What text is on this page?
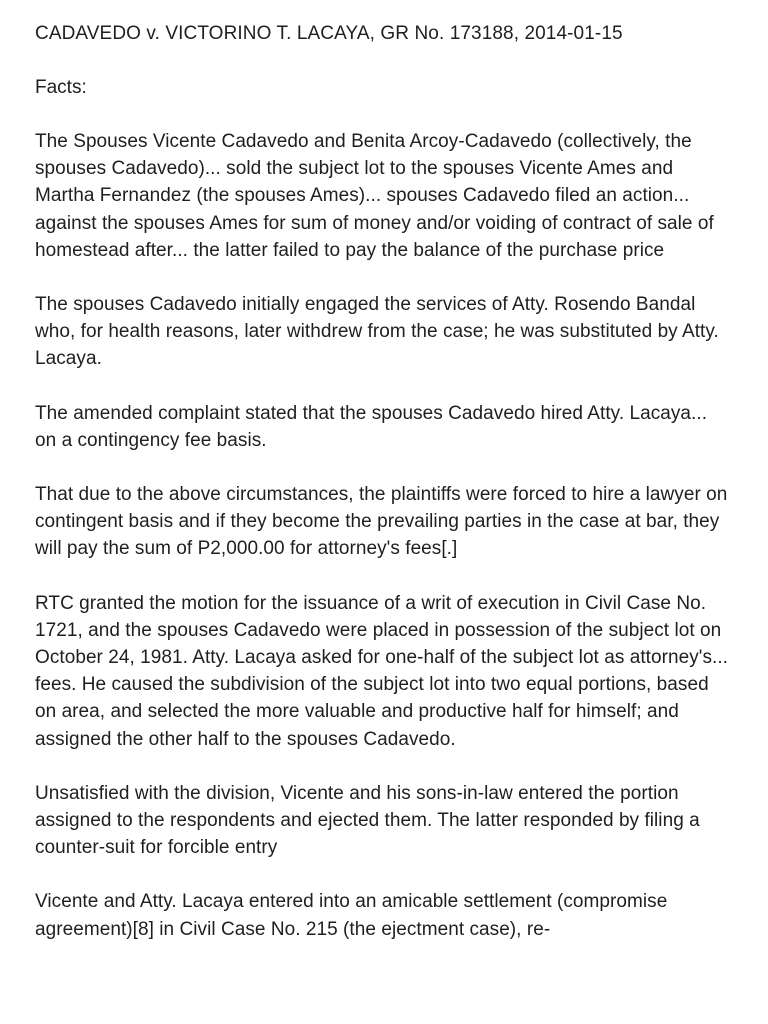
CADAVEDO v. VICTORINO T. LACAYA, GR No. 173188, 2014-01-15
Facts:

The Spouses Vicente Cadavedo and Benita Arcoy-Cadavedo (collectively, the spouses Cadavedo)... sold the subject lot to the spouses Vicente Ames and Martha Fernandez (the spouses Ames)... spouses Cadavedo filed an action... against the spouses Ames for sum of money and/or voiding of contract of sale of homestead after... the latter failed to pay the balance of the purchase price

The spouses Cadavedo initially engaged the services of Atty. Rosendo Bandal who, for health reasons, later withdrew from the case; he was substituted by Atty. Lacaya.

The amended complaint stated that the spouses Cadavedo hired Atty. Lacaya... on a contingency fee basis.

That due to the above circumstances, the plaintiffs were forced to hire a lawyer on contingent basis and if they become the prevailing parties in the case at bar, they will pay the sum of P2,000.00 for attorney's fees[.]

RTC granted the motion for the issuance of a writ of execution in Civil Case No. 1721, and the spouses Cadavedo were placed in possession of the subject lot on October 24, 1981. Atty. Lacaya asked for one-half of the subject lot as attorney's... fees. He caused the subdivision of the subject lot into two equal portions, based on area, and selected the more valuable and productive half for himself; and assigned the other half to the spouses Cadavedo.

Unsatisfied with the division, Vicente and his sons-in-law entered the portion assigned to the respondents and ejected them. The latter responded by filing a counter-suit for forcible entry

Vicente and Atty. Lacaya entered into an amicable settlement (compromise agreement)[8] in Civil Case No. 215 (the ejectment case), re-
